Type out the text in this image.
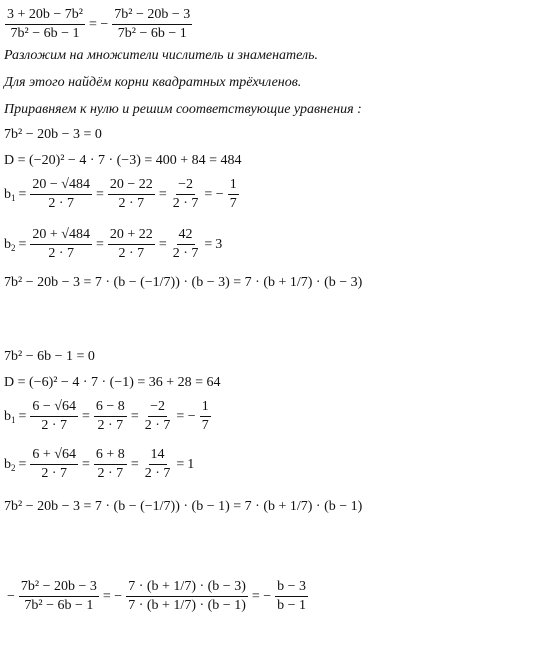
$\frac{\text{3 + 20b − 7b²}}{\text{7b² − 6b − 1}}$ = − $\frac{\text{7b² − 20b − 3}}{\text{7b² − 6b − 1}}$
Разложим на множители числитель и знаменатель.
Для этого найдём корни квадратных трёхчленов.
Приравняем к нулю и решим соответствующие уравнения :
7b² − 20b − 3 = 0
D = (−20)² − 4 · 7 · (−3) = 400 + 84 = 484
$b_1 = \frac{20 - √484}{2 \cdot 7} = \frac{20 - 22}{2 \cdot 7} = \frac{-2}{2 \cdot 7}$ = − $\frac{1}{7}$
$b_2 = \frac{20 + √484}{2 \cdot 7} = \frac{20 + 22}{2 \cdot 7} = \frac{42}{2 \cdot 7} = 3$
7b² − 20b − 3 = 7 · (b − (−1/7)) · (b − 3) = 7 · (b + 1/7) · (b − 3)
7b² − 6b − 1 = 0
D = (−6)² − 4 · 7 · (−1) = 36 + 28 = 64
$b_1 = \frac{6 - √64}{2 \cdot 7} = \frac{6 - 8}{2 \cdot 7} = \frac{-2}{2 \cdot 7}$ = − $\frac{1}{7}$
$b_2 = \frac{6 + √64}{2 \cdot 7} = \frac{6 + 8}{2 \cdot 7} = \frac{14}{2 \cdot 7} = 1$
7b² − 20b − 3 = 7 · (b − (−1/7)) · (b − 1) = 7 · (b + 1/7) · (b − 1)
− $\frac{\text{7b² − 20b − 3}}{\text{7b² − 6b − 1}}$ = − $\frac{7 \cdot (b + 1/7) \cdot (b - 3)}{7 \cdot (b + 1/7) \cdot (b - 1)}$ = − $\frac{b - 3}{b - 1}$
